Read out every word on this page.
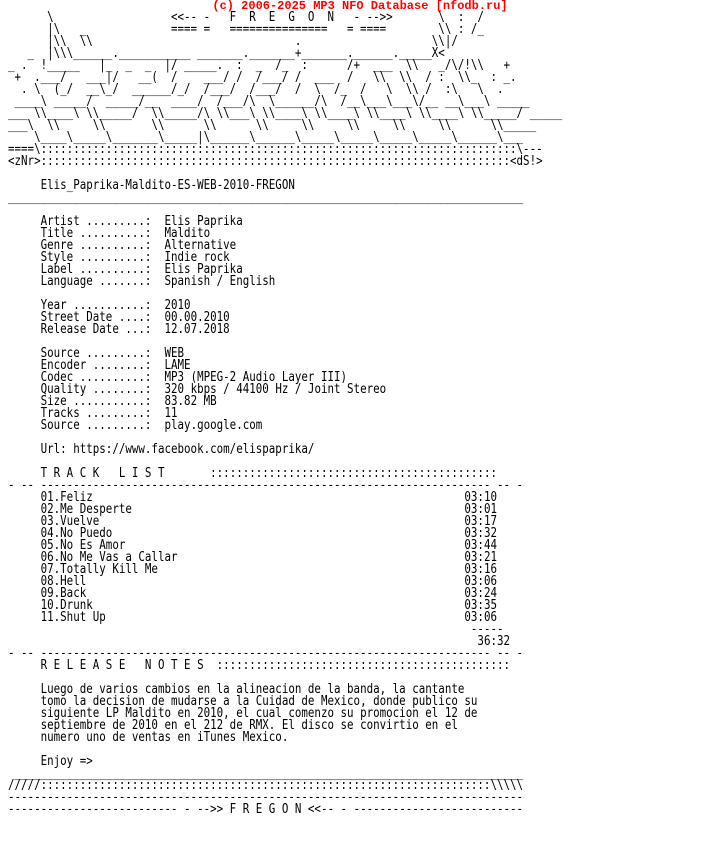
(c) 2006-2025 MP3 NFO Database [nfodb.ru]
\                  <<-- -   F  R  E  G  O  N   - -->>       \  :  /
|\   _             ==== =   ===============   = ====        \\ : /_
|\\  \\                               .                    \\|/
_  |\\\______.___________ _______._______+_______.______._____X<
_ .  !_____   |_  _  _  |/ _____.  :  _  /_  :      /+  ___  \\   _/\/!\\   +
+  .___/   ___|/   __(  /    ___/ /  /___/ /  ___  /   \\  \\  / :  \\_  : _.
. \  (_/  __\_/  ______/_/  /___/  /___/  /  \  /_  /   \  \\ /  :\   \  .
____\ _____/  _____/__  ____/  /___/\  \______/\  /__\___\___\/__ __\___\ _____
___ \\____\ \\_____/  \\_____/\ \\___\ \\____\ \\____\ \\____\ \\____\ \\_____/ _____
___\  \\     \\       \\      \\      \\     \\     \\     \\     \\      \\_____
\____\_____\_______\_____|\______\______\_____\_____\_____\_____\______\___
====\:::::::::::::::::::::::::::::::::::::::::::::::::::::::::::::::::::::::::\---
<zNr>::::::::::::::::::::::::::::::::::::::::::::::::::::::::::::::::::::::::<dS!>

Elis_Paprika-Maldito-ES-WEB-2010-FREGON
_______________________________________________________________________________

Artist .........: Elis Paprika
Title ..........: Maldito
Genre ..........: Alternative
Style ..........: Indie rock
Label ..........: Elis Paprika
Language .......: Spanish / English

Year ...........: 2010
Street Date ....: 00.00.2010
Release Date ...: 12.07.2018

Source .........: WEB
Encoder ........: LAME
Codec ..........: MP3 (MPEG-2 Audio Layer III)
Quality ........: 320 kbps / 44100 Hz / Joint Stereo
Size ...........: 83.82 MB
Tracks .........: 11
Source .........: play.google.com

Url: https://www.facebook.com/elispaprika/

T R A C K   L I S T	::::::::::::::::::::::::::::::::::::::::::::
- -- --------------------------------------------------------------------- -- -
01.Feliz	03:10
02.Me Desperte	03:01
03.Vuelve	03:17
04.No Puedo	03:32
05.No Es Amor	03:44
06.No Me Vas a Callar	03:21
07.Totally Kill Me	03:16
08.Hell	03:06
09.Back	03:24
10.Drunk	03:35
11.Shut Up	03:06
-----
36:32
- -- --------------------------------------------------------------------- -- -
R E L E A S E   N O T E S :::::::::::::::::::::::::::::::::::::::::::::

Luego de varios cambios en la alineacion de la banda, la cantante
tomo la decision de mudarse a la Cuidad de Mexico, donde publico su
siguiente LP Maldito en 2010, el cual comenzo su promocion el 12 de
septiembre de 2010 en el 212 de RMX. El disco se convirtio en el
numero uno de ventas en iTunes Mexico.

Enjoy =>
______________________________________________________________________________
/////:::::::::::::::::::::::::::::::::::::::::::::::::::::::::::::::::::::\\\\\
-------------------------------------------------------------------------------
-------------------------- - -->> F R E G O N <<-- - --------------------------
